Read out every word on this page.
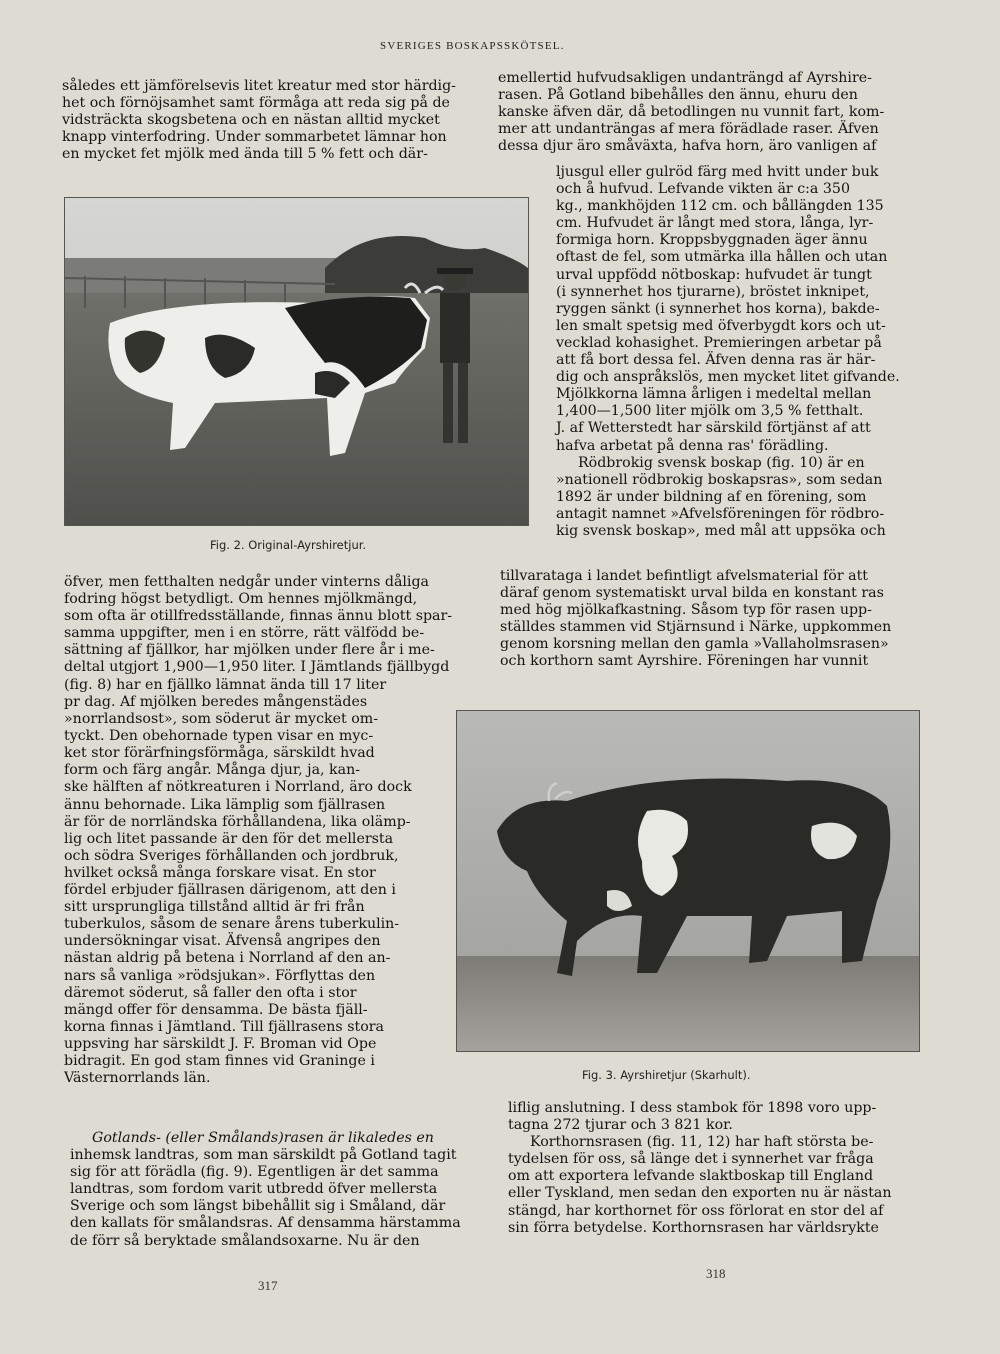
SVERIGES BOSKAPSSKÖTSEL.

således ett jämförelsevis litet kreatur med stor härdig-

het och förnöjsamhet samt förmåga att reda sig på de

vidsträckta skogsbetena och en nästan alltid mycket

knapp vinterfodring. Under sommarbetet lämnar hon

en mycket fet mjölk med ända till 5 % fett och där-

Fig. 2. Original-Ayrshiretjur.

öfver, men fetthalten nedgår under vinterns dåliga

fodring högst betydligt. Om hennes mjölkmängd,

som ofta är otillfredsställande, finnas ännu blott spar-

samma uppgifter, men i en större, rätt välfödd be-

sättning af fjällkor, har mjölken under flere år i me-

deltal utgjort 1,900—1,950 liter. I Jämtlands fjällbygd

(fig. 8) har en fjällko lämnat ända till 17 liter

pr dag. Af mjölken beredes mångenstädes

»norrlandsost», som söderut är mycket om-

tyckt. Den obehornade typen visar en myc-

ket stor förärfningsförmåga, särskildt hvad

form och färg angår. Många djur, ja, kan-

ske hälften af nötkreaturen i Norrland, äro dock

ännu behornade. Lika lämplig som fjällrasen

är för de norrländska förhållandena, lika olämp-

lig och litet passande är den för det mellersta

och södra Sveriges förhållanden och jordbruk,

hvilket också många forskare visat. En stor

fördel erbjuder fjällrasen därigenom, att den i

sitt ursprungliga tillstånd alltid är fri från

tuberkulos, såsom de senare årens tuberkulin-

undersökningar visat. Äfvenså angripes den

nästan aldrig på betena i Norrland af den an-

nars så vanliga »rödsjukan». Förflyttas den

däremot söderut, så faller den ofta i stor

mängd offer för densamma. De bästa fjäll-

korna finnas i Jämtland. Till fjällrasens stora

uppsving har särskildt J. F. Broman vid Ope

bidragit. En god stam finnes vid Graninge i

Västernorrlands län.

Gotlands- (eller Smålands)rasen är likaledes en

inhemsk landtras, som man särskildt på Gotland tagit

sig för att förädla (fig. 9). Egentligen är det samma

landtras, som fordom varit utbredd öfver mellersta

Sverige och som längst bibehållit sig i Småland, där

den kallats för smålandsras. Af densamma härstamma

de förr så beryktade smålandsoxarne. Nu är den

317

emellertid hufvudsakligen undanträngd af Ayrshire-

rasen. På Gotland bibehålles den ännu, ehuru den

kanske äfven där, då betodlingen nu vunnit fart, kom-

mer att undanträngas af mera förädlade raser. Äfven

dessa djur äro småväxta, hafva horn, äro vanligen af

ljusgul eller gulröd färg med hvitt under buk

och å hufvud. Lefvande vikten är c:a 350

kg., mankhöjden 112 cm. och bållängden 135

cm. Hufvudet är långt med stora, långa, lyr-

formiga horn. Kroppsbyggnaden äger ännu

oftast de fel, som utmärka illa hållen och utan

urval uppfödd nötboskap: hufvudet är tungt

(i synnerhet hos tjurarne), bröstet inknipet,

ryggen sänkt (i synnerhet hos korna), bakde-

len smalt spetsig med öfverbygdt kors och ut-

vecklad kohasighet. Premieringen arbetar på

att få bort dessa fel. Äfven denna ras är här-

dig och anspråkslös, men mycket litet gifvande.

Mjölkkorna lämna årligen i medeltal mellan

1,400—1,500 liter mjölk om 3,5 % fetthalt.

J. af Wetterstedt har särskild förtjänst af att

hafva arbetat på denna ras' förädling.

Rödbrokig svensk boskap (fig. 10) är en

»nationell rödbrokig boskapsras», som sedan

1892 är under bildning af en förening, som

antagit namnet »Afvelsföreningen för rödbro-

kig svensk boskap», med mål att uppsöka och

tillvarataga i landet befintligt afvelsmaterial för att

däraf genom systematiskt urval bilda en konstant ras

med hög mjölkafkastning. Såsom typ för rasen upp-

ställdes stammen vid Stjärnsund i Närke, uppkommen

genom korsning mellan den gamla »Vallaholmsrasen»

och korthorn samt Ayrshire. Föreningen har vunnit

Fig. 3. Ayrshiretjur (Skarhult).

liflig anslutning. I dess stambok för 1898 voro upp-

tagna 272 tjurar och 3 821 kor.

Korthornsrasen (fig. 11, 12) har haft största be-

tydelsen för oss, så länge det i synnerhet var fråga

om att exportera lefvande slaktboskap till England

eller Tyskland, men sedan den exporten nu är nästan

stängd, har korthornet för oss förlorat en stor del af

sin förra betydelse. Korthornsrasen har världsrykte

318
